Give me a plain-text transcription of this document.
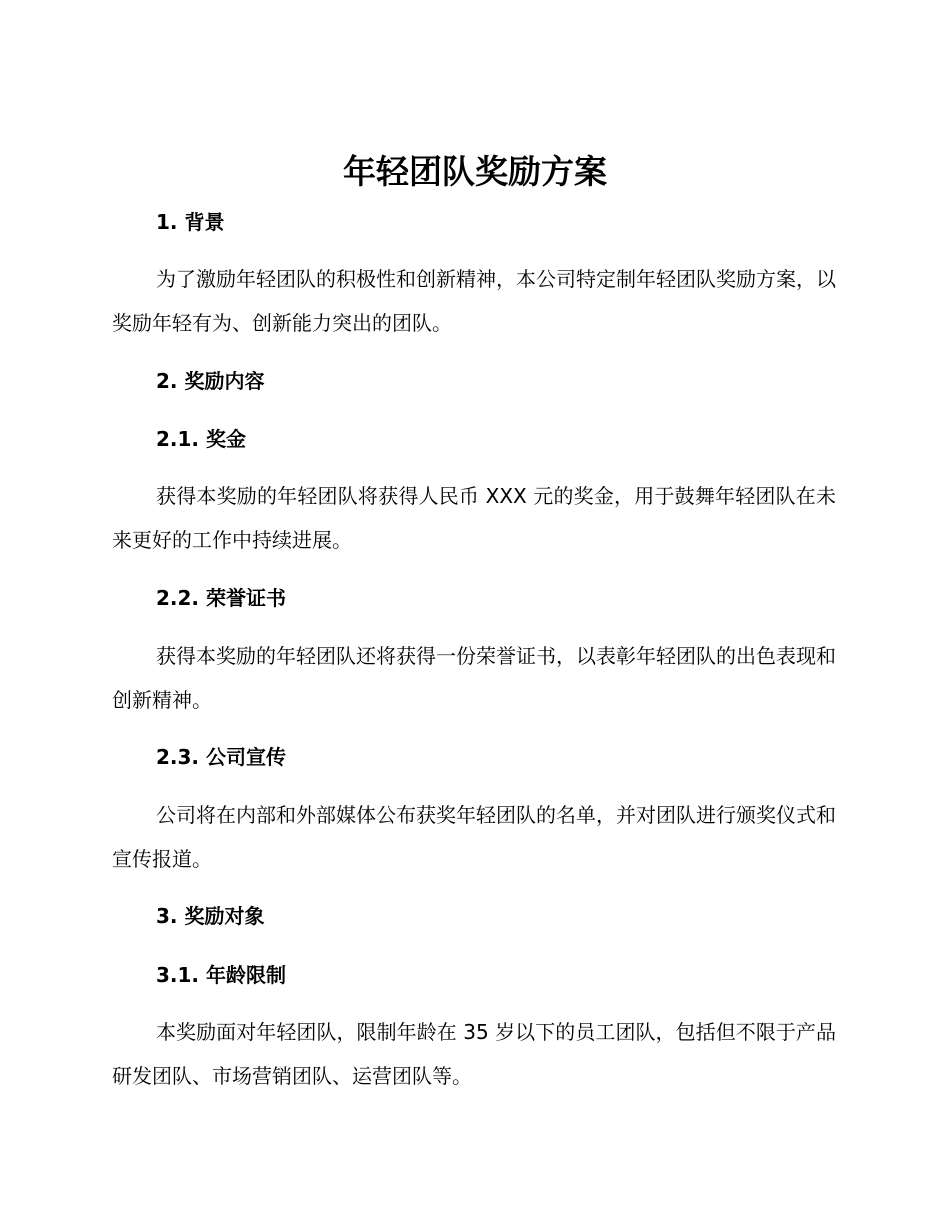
年轻团队奖励方案
1. 背景

为了激励年轻团队的积极性和创新精神，本公司特定制年轻团队奖励方案，以奖励年轻有为、创新能力突出的团队。

2. 奖励内容
2.1. 奖金

获得本奖励的年轻团队将获得人民币 XXX 元的奖金，用于鼓舞年轻团队在未来更好的工作中持续进展。

2.2. 荣誉证书

获得本奖励的年轻团队还将获得一份荣誉证书，以表彰年轻团队的出色表现和创新精神。

2.3. 公司宣传

公司将在内部和外部媒体公布获奖年轻团队的名单，并对团队进行颁奖仪式和宣传报道。

3. 奖励对象
3.1. 年龄限制

本奖励面对年轻团队，限制年龄在 35 岁以下的员工团队，包括但不限于产品研发团队、市场营销团队、运营团队等。
